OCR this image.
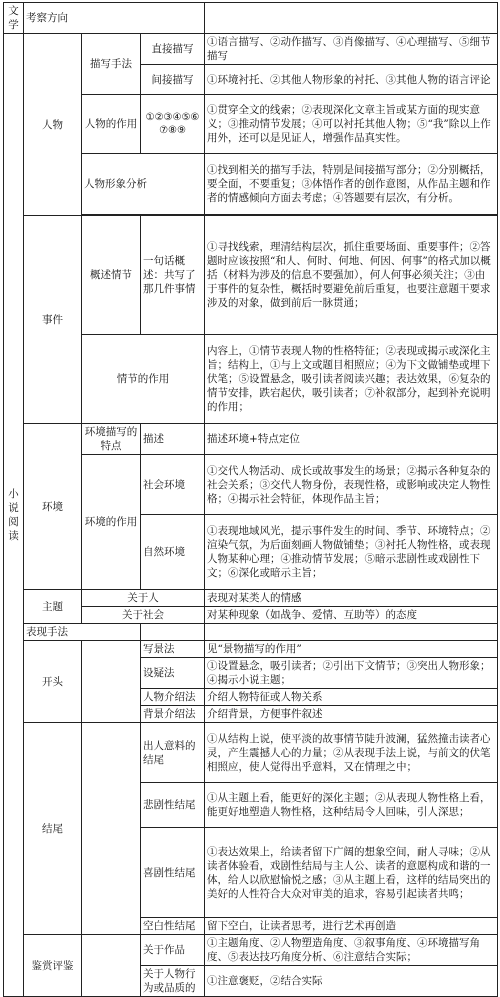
文学	考察方向			
小说阅读	人物	描写手法	直接描写	①语言描写、②动作描写、③肖像描写、④心理描写、⑤细节描写
			间接描写	①环境衬托、②其他人物形象的衬托、③其他人物的语言评论
		人物的作用	①②③④⑤⑥⑦⑧⑨	①贯穿全文的线索；②表现深化文章主旨或某方面的现实意义；③推动情节发展；④可以衬托其他人物；⑤“我”除以上作用外，还可以是见证人，增强作品真实性。
		人物形象分析		①找到相关的描写手法，特别是间接描写部分；②分别概括，要全面，不要重复；③体悟作者的创作意图，从作品主题和作者的情感倾向方面去考虑；④答题要有层次，有分析。

	事件	概述情节	一句话概述：共写了那几件事情	①寻找线索，理清结构层次，抓住重要场面、重要事件；②答题时应该按照“和人、何时、何地、何因、何事”的格式加以概括（材料为涉及的信息不要强加），何人何事必须关注；③由于事件的复杂性，概括时要避免前后重复，也要注意题干要求涉及的对象，做到前后一脉贯通；
		情节的作用		内容上，①情节表现人物的性格特征；②表现或揭示或深化主旨；结构上，①与上文或题目相照应；④为下文做铺垫或埋下伏笔；⑤设置悬念，吸引读者阅读兴趣；表达效果，⑥复杂的情节安排，跌宕起伏，吸引读者；⑦补叙部分，起到补充说明的作用；
	环境	环境描写的特点	描述	描述环境+特点定位
		环境的作用	社会环境	①交代人物活动、成长或故事发生的场景；②揭示各种复杂的社会关系；③交代人物身份，表现性格，或影响或决定人物性格；④揭示社会特征，体现作品主旨；
			自然环境	①表现地域风光，提示事件发生的时间、季节、环境特点；②渲染气氛，为后面刻画人物做铺垫；③衬托人物性格，或表现人物某种心理；④推动情节发展；⑤暗示悲剧性或戏剧性下文；⑥深化或暗示主旨；
	主题	关于人		表现对某类人的情感
		关于社会		对某种现象（如战争、爱情、互助等）的态度
	表现手法			
	开头		写景法	见“景物描写的作用”
			设疑法	①设置悬念，吸引读者；②引出下文情节；③突出人物形象；④揭示小说主题；
			人物介绍法	介绍人物特征或人物关系
			背景介绍法	介绍背景，方便事件叙述
	结尾		出人意料的结尾	①从结构上说，使平淡的故事情节陡升波澜，猛然撞击读者心灵，产生震撼人心的力量；②从表现手法上说，与前文的伏笔相照应，使人觉得出乎意料，又在情理之中；
			悲剧性结尾	①从主题上看，能更好的深化主题；②从表现人物性格上看，能更好地塑造人物性格，这种结局令人回味，引人深思；
			喜剧性结尾	①表达效果上，给读者留下广阔的想象空间，耐人寻味；②从读者体验看，戏剧性结局与主人公、读者的意愿构成和谐的一体，给人以欣慰愉悦之感；③从主题上看，这样的结局突出的美好的人性符合大众对审美的追求，容易引起读者共鸣；
			空白性结尾	留下空白，让读者思考，进行艺术再创造
	鉴赏评鉴		关于作品	①主题角度、②人物塑造角度、③叙事角度、④环境描写角度、⑤表达技巧角度分析、⑥注意结合实际；
			关于人物行为或品质的	①注意褒贬，②结合实际
